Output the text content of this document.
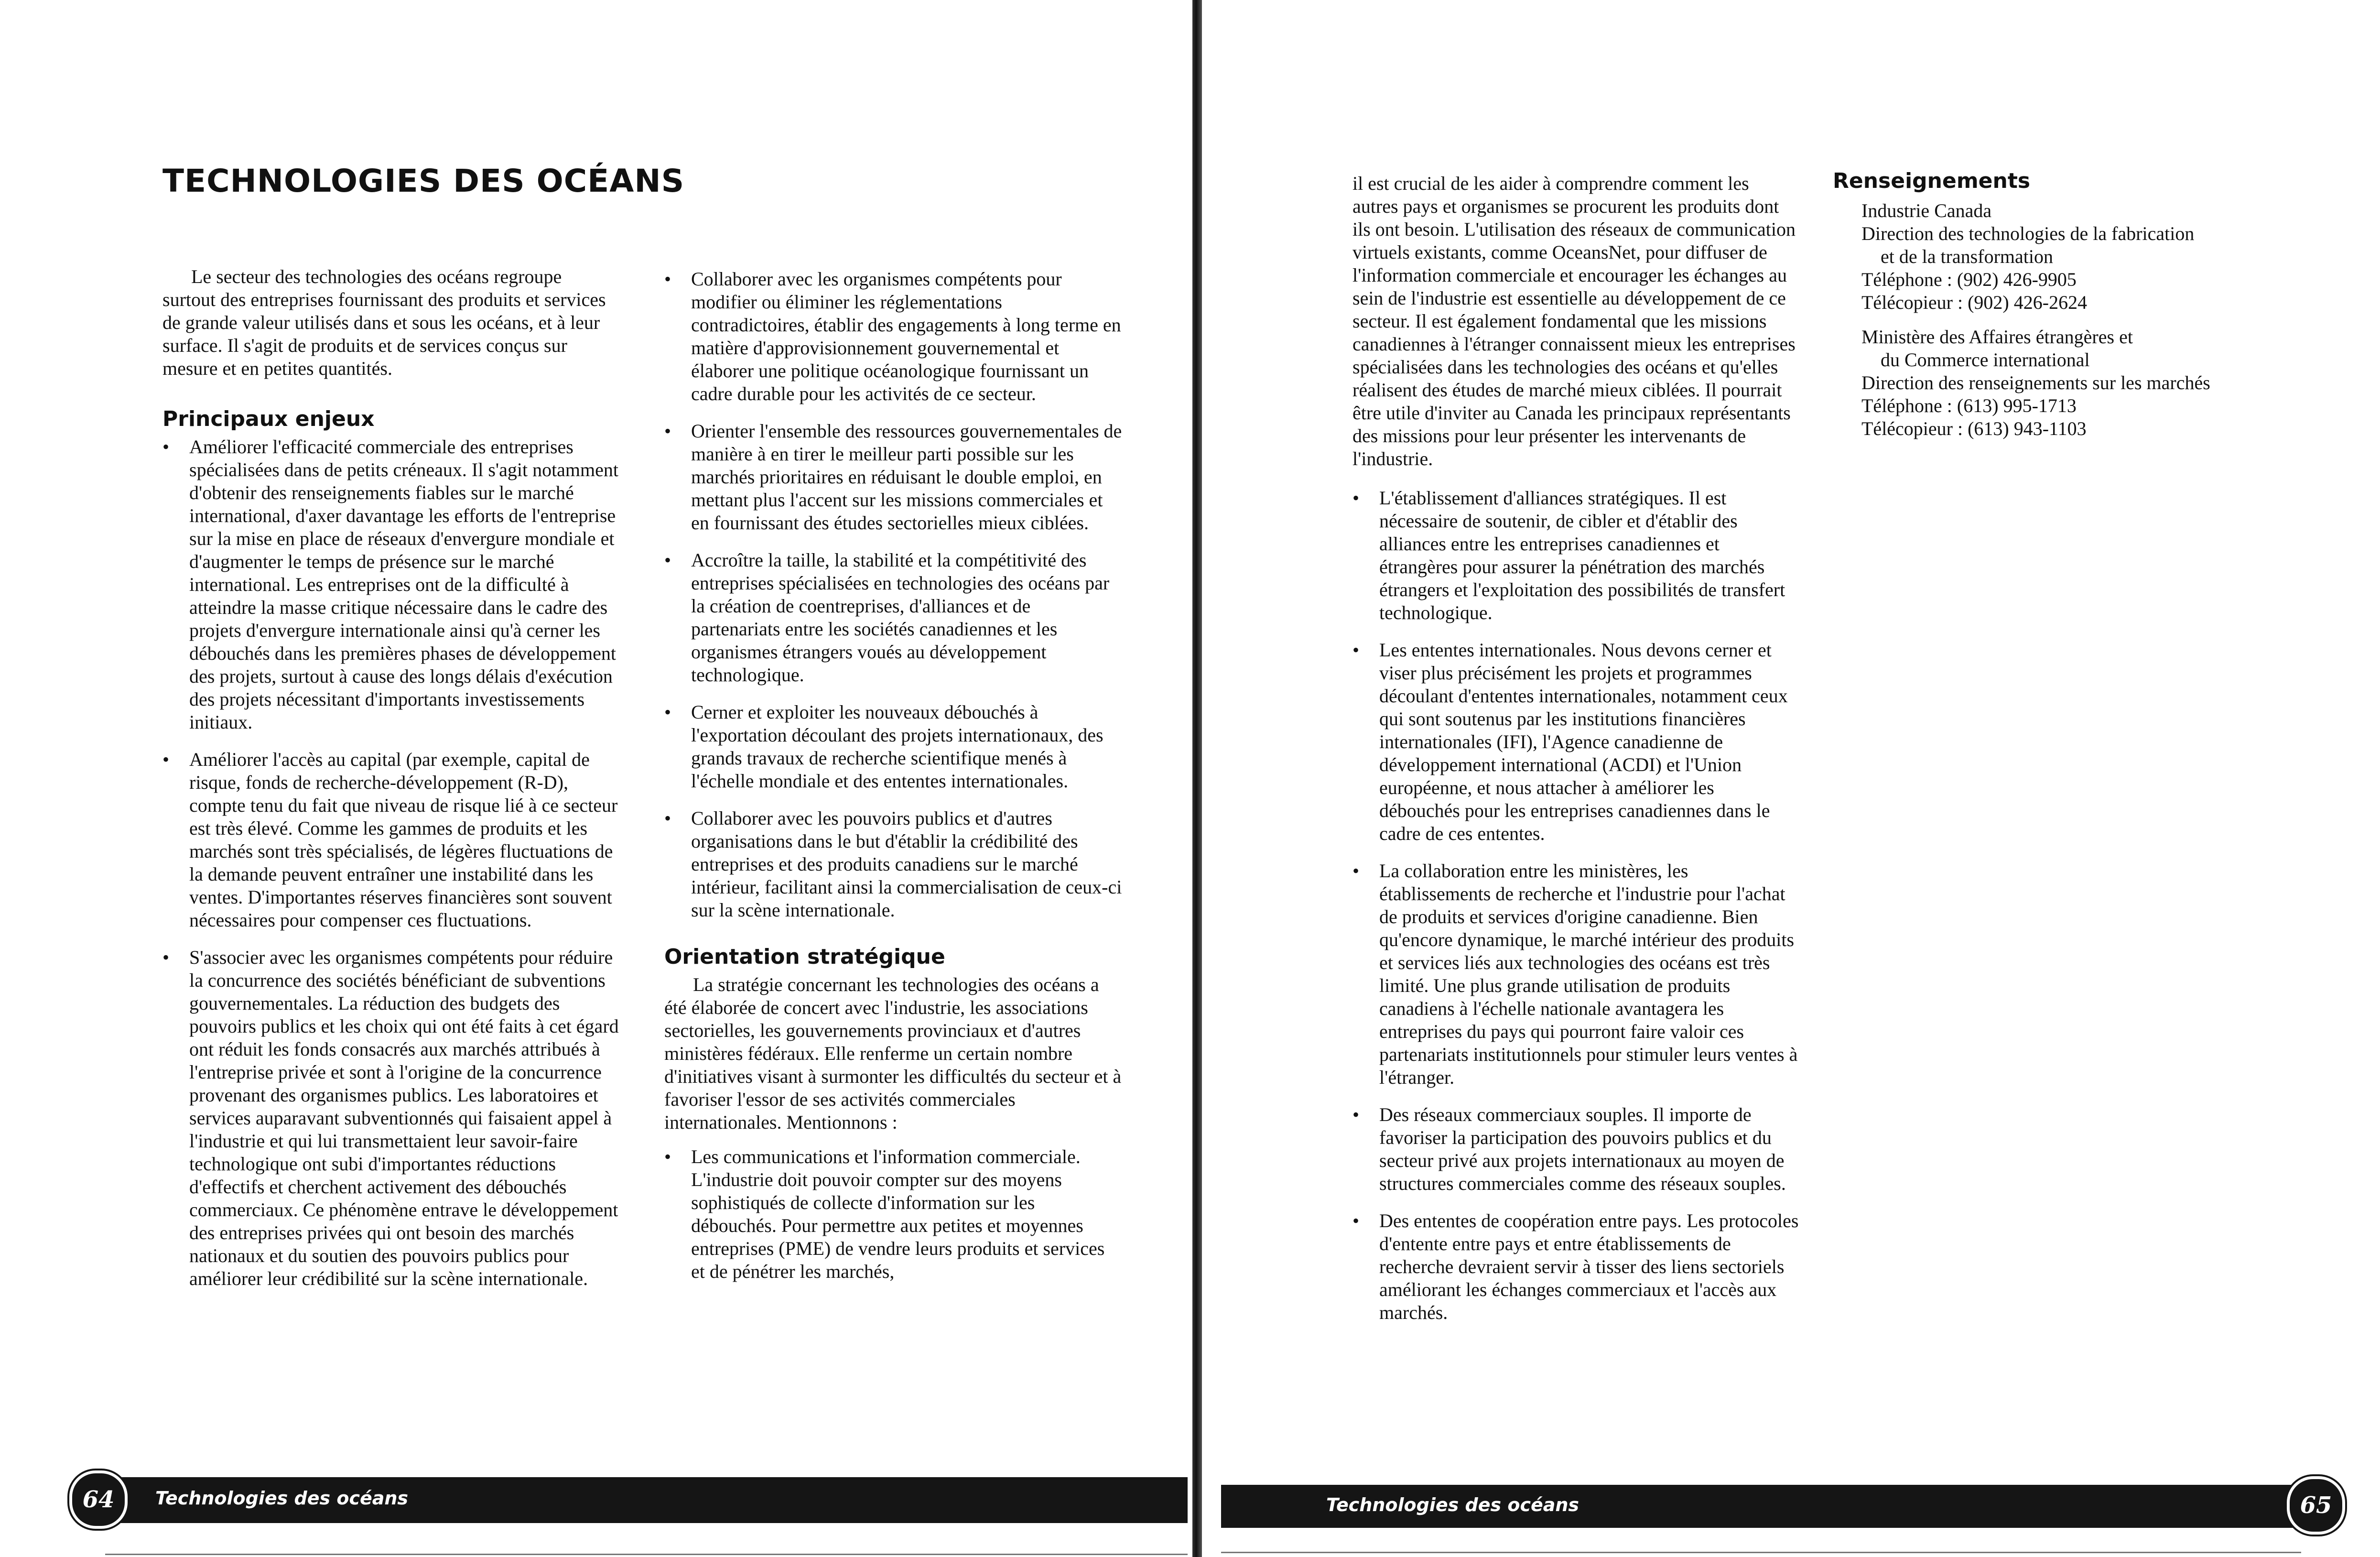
TECHNOLOGIES DES OCÉANS

Le secteur des technologies des océans regroupe surtout des entreprises fournissant des produits et services de grande valeur utilisés dans et sous les océans, et à leur surface. Il s'agit de produits et de services conçus sur mesure et en petites quantités.

Principaux enjeux
• Améliorer l'efficacité commerciale des entreprises spécialisées dans de petits créneaux. Il s'agit notamment d'obtenir des renseignements fiables sur le marché international, d'axer davantage les efforts de l'entreprise sur la mise en place de réseaux d'envergure mondiale et d'augmenter le temps de présence sur le marché international. Les entreprises ont de la difficulté à atteindre la masse critique nécessaire dans le cadre des projets d'envergure internationale ainsi qu'à cerner les débouchés dans les premières phases de développement des projets, surtout à cause des longs délais d'exécution des projets nécessitant d'importants investissements initiaux.
• Améliorer l'accès au capital (par exemple, capital de risque, fonds de recherche-développement (R-D), compte tenu du fait que niveau de risque lié à ce secteur est très élevé. Comme les gammes de produits et les marchés sont très spécialisés, de légères fluctuations de la demande peuvent entraîner une instabilité dans les ventes. D'importantes réserves financières sont souvent nécessaires pour compenser ces fluctuations.
• S'associer avec les organismes compétents pour réduire la concurrence des sociétés bénéficiant de subventions gouvernementales. La réduction des budgets des pouvoirs publics et les choix qui ont été faits à cet égard ont réduit les fonds consacrés aux marchés attribués à l'entreprise privée et sont à l'origine de la concurrence provenant des organismes publics. Les laboratoires et services auparavant subventionnés qui faisaient appel à l'industrie et qui lui transmettaient leur savoir-faire technologique ont subi d'importantes réductions d'effectifs et cherchent activement des débouchés commerciaux. Ce phénomène entrave le développement des entreprises privées qui ont besoin des marchés nationaux et du soutien des pouvoirs publics pour améliorer leur crédibilité sur la scène internationale.
• Collaborer avec les organismes compétents pour modifier ou éliminer les réglementations contradictoires, établir des engagements à long terme en matière d'approvisionnement gouvernemental et élaborer une politique océanologique fournissant un cadre durable pour les activités de ce secteur.
• Orienter l'ensemble des ressources gouvernementales de manière à en tirer le meilleur parti possible sur les marchés prioritaires en réduisant le double emploi, en mettant plus l'accent sur les missions commerciales et en fournissant des études sectorielles mieux ciblées.
• Accroître la taille, la stabilité et la compétitivité des entreprises spécialisées en technologies des océans par la création de coentreprises, d'alliances et de partenariats entre les sociétés canadiennes et les organismes étrangers voués au développement technologique.
• Cerner et exploiter les nouveaux débouchés à l'exportation découlant des projets internationaux, des grands travaux de recherche scientifique menés à l'échelle mondiale et des ententes internationales.
• Collaborer avec les pouvoirs publics et d'autres organisations dans le but d'établir la crédibilité des entreprises et des produits canadiens sur le marché intérieur, facilitant ainsi la commercialisation de ceux-ci sur la scène internationale.
Orientation stratégique

La stratégie concernant les technologies des océans a été élaborée de concert avec l'industrie, les associations sectorielles, les gouvernements provinciaux et d'autres ministères fédéraux. Elle renferme un certain nombre d'initiatives visant à surmonter les difficultés du secteur et à favoriser l'essor de ses activités commerciales internationales. Mentionnons :

• Les communications et l'information commerciale. L'industrie doit pouvoir compter sur des moyens sophistiqués de collecte d'information sur les débouchés. Pour permettre aux petites et moyennes entreprises (PME) de vendre leurs produits et services et de pénétrer les marchés,
Technologies des océans
64

il est crucial de les aider à comprendre comment les autres pays et organismes se procurent les produits dont ils ont besoin. L'utilisation des réseaux de communication virtuels existants, comme OceansNet, pour diffuser de l'information commerciale et encourager les échanges au sein de l'industrie est essentielle au développement de ce secteur. Il est également fondamental que les missions canadiennes à l'étranger connaissent mieux les entreprises spécialisées dans les technologies des océans et qu'elles réalisent des études de marché mieux ciblées. Il pourrait être utile d'inviter au Canada les principaux représentants des missions pour leur présenter les intervenants de l'industrie.

• L'établissement d'alliances stratégiques. Il est nécessaire de soutenir, de cibler et d'établir des alliances entre les entreprises canadiennes et étrangères pour assurer la pénétration des marchés étrangers et l'exploitation des possibilités de transfert technologique.
• Les ententes internationales. Nous devons cerner et viser plus précisément les projets et programmes découlant d'ententes internationales, notamment ceux qui sont soutenus par les institutions financières internationales (IFI), l'Agence canadienne de développement international (ACDI) et l'Union européenne, et nous attacher à améliorer les débouchés pour les entreprises canadiennes dans le cadre de ces ententes.
• La collaboration entre les ministères, les établissements de recherche et l'industrie pour l'achat de produits et services d'origine canadienne. Bien qu'encore dynamique, le marché intérieur des produits et services liés aux technologies des océans est très limité. Une plus grande utilisation de produits canadiens à l'échelle nationale avantagera les entreprises du pays qui pourront faire valoir ces partenariats institutionnels pour stimuler leurs ventes à l'étranger.
• Des réseaux commerciaux souples. Il importe de favoriser la participation des pouvoirs publics et du secteur privé aux projets internationaux au moyen de structures commerciales comme des réseaux souples.
• Des ententes de coopération entre pays. Les protocoles d'entente entre pays et entre établissements de recherche devraient servir à tisser des liens sectoriels améliorant les échanges commerciaux et l'accès aux marchés.
Renseignements

Industrie Canada

Direction des technologies de la fabrication

et de la transformation

Téléphone : (902) 426-9905

Télécopieur : (902) 426-2624

Ministère des Affaires étrangères et

du Commerce international

Direction des renseignements sur les marchés

Téléphone : (613) 995-1713

Télécopieur : (613) 943-1103

Technologies des océans	65
